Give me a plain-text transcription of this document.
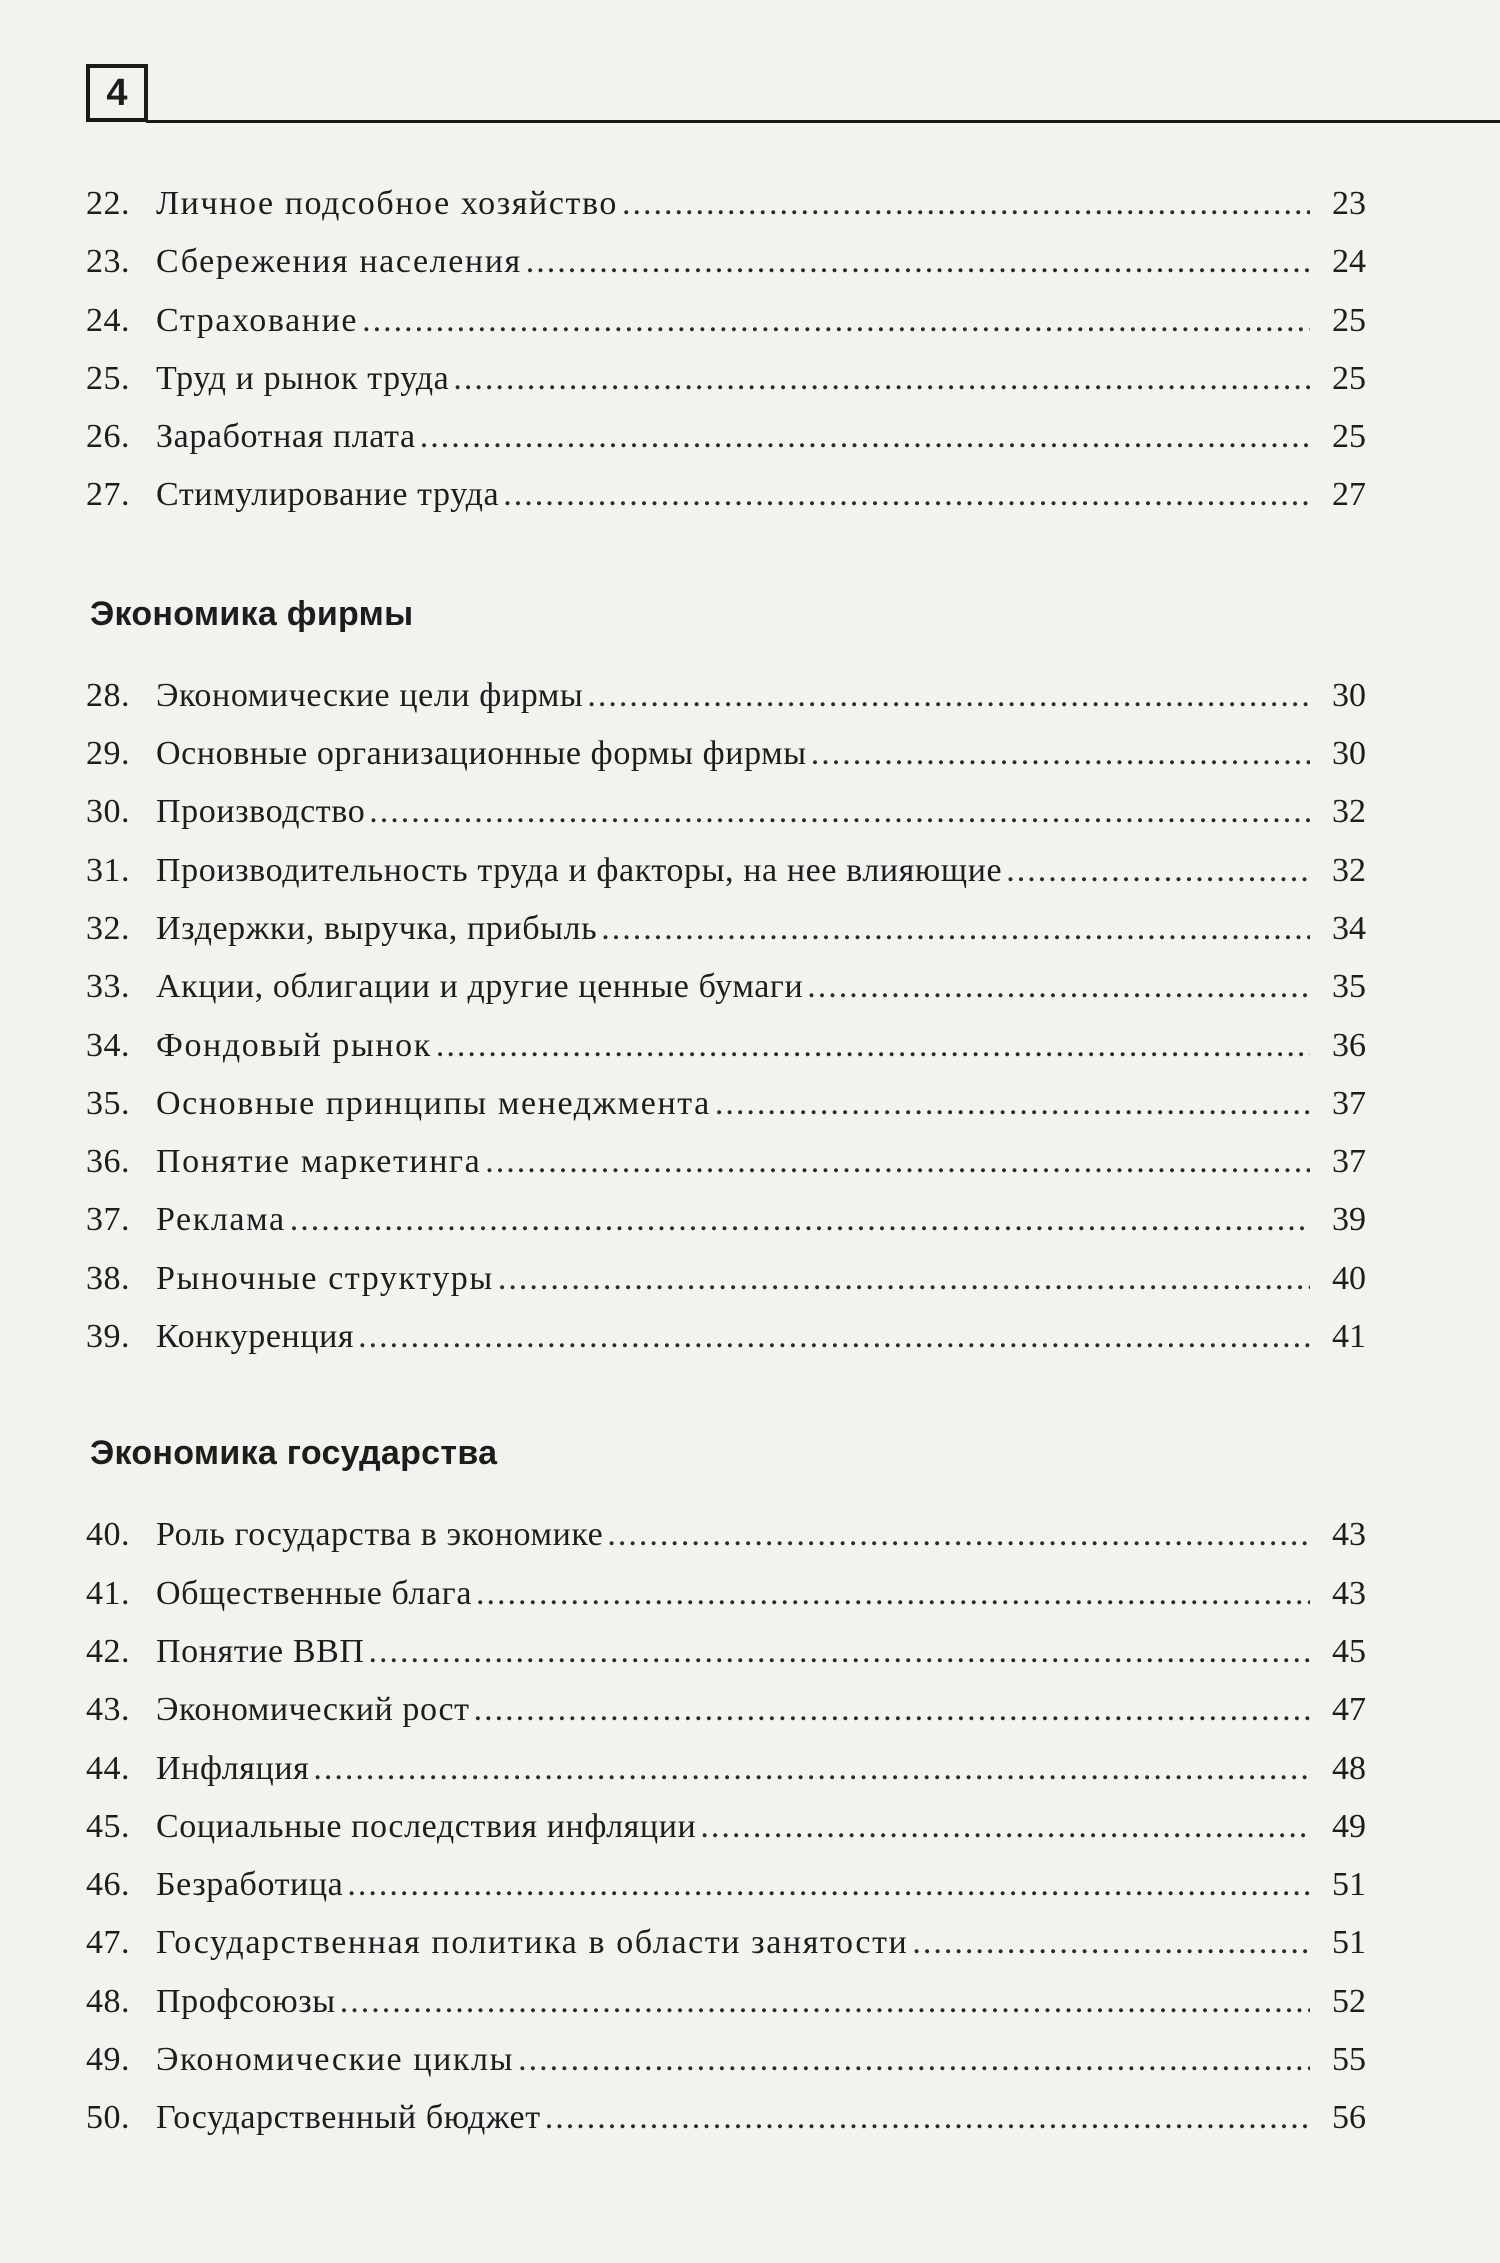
4
22. Личное подсобное хозяйство .....	23
23. Сбережения населения .....	24
24. Страхование .....	25
25. Труд и рынок труда .....	25
26. Заработная плата .....	25
27. Стимулирование труда .....	27
Экономика фирмы
28. Экономические цели фирмы .....	30
29. Основные организационные формы фирмы .....	30
30. Производство .....	32
31. Производительность труда и факторы, на нее влияющие .....	32
32. Издержки, выручка, прибыль .....	34
33. Акции, облигации и другие ценные бумаги .....	35
34. Фондовый рынок .....	36
35. Основные принципы менеджмента .....	37
36. Понятие маркетинга .....	37
37. Реклама .....	39
38. Рыночные структуры .....	40
39. Конкуренция .....	41
Экономика государства
40. Роль государства в экономике .....	43
41. Общественные блага .....	43
42. Понятие ВВП .....	45
43. Экономический рост .....	47
44. Инфляция .....	48
45. Социальные последствия инфляции .....	49
46. Безработица .....	51
47. Государственная политика в области занятости .....	51
48. Профсоюзы .....	52
49. Экономические циклы .....	55
50. Государственный бюджет .....	56
